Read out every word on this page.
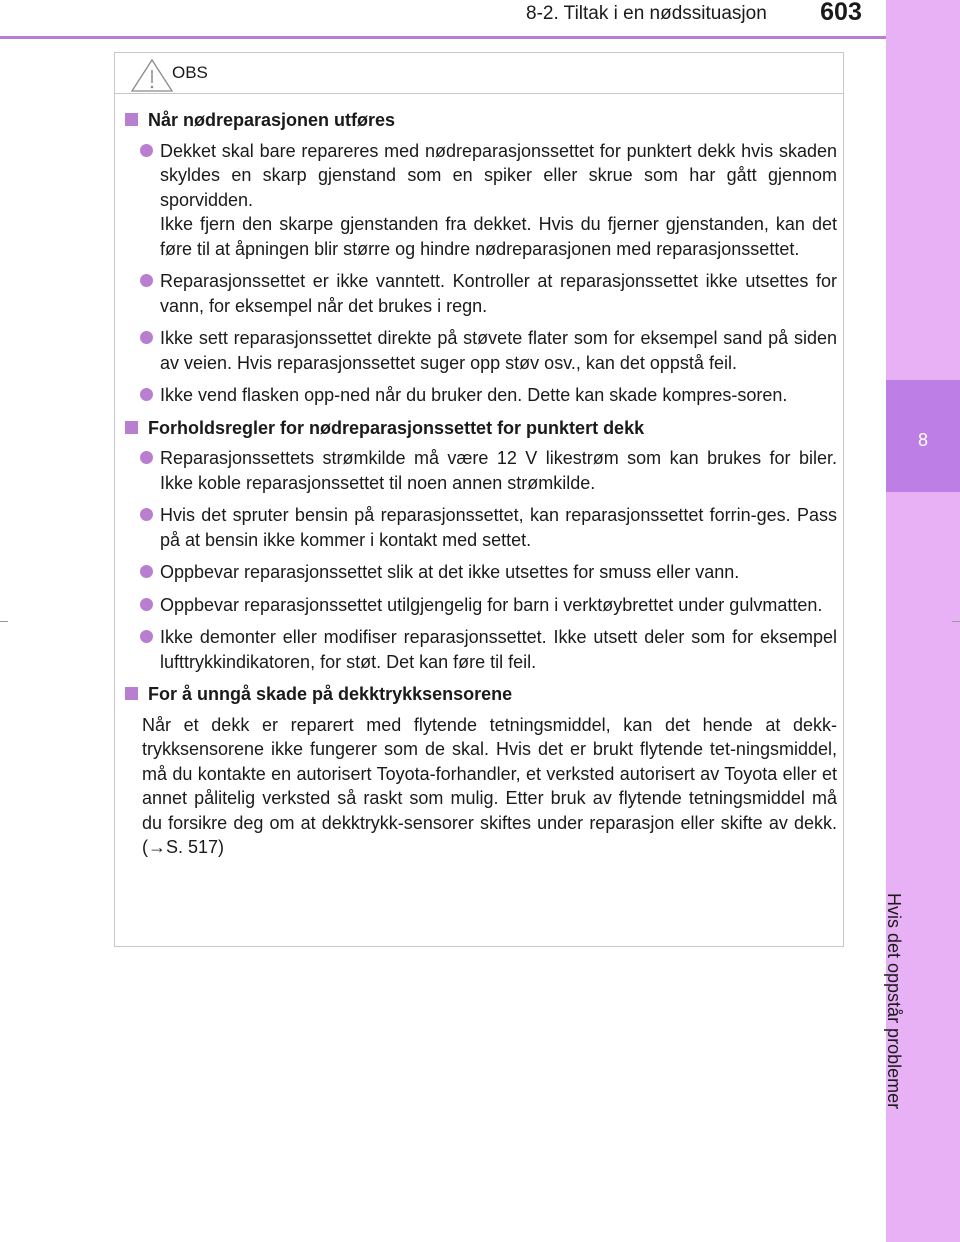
8-2. Tiltak i en nødssituasjon	603
8
Hvis det oppstår problemer
OBS
Når nødreparasjonen utføres
Dekket skal bare repareres med nødreparasjonssettet for punktert dekk hvis skaden skyldes en skarp gjenstand som en spiker eller skrue som har gått gjennom sporvidden.
Ikke fjern den skarpe gjenstanden fra dekket. Hvis du fjerner gjenstanden, kan det føre til at åpningen blir større og hindre nødreparasjonen med reparasjonssettet.
Reparasjonssettet er ikke vanntett. Kontroller at reparasjonssettet ikke utsettes for vann, for eksempel når det brukes i regn.
Ikke sett reparasjonssettet direkte på støvete flater som for eksempel sand på siden av veien. Hvis reparasjonssettet suger opp støv osv., kan det oppstå feil.
Ikke vend flasken opp-ned når du bruker den. Dette kan skade kompres-soren.
Forholdsregler for nødreparasjonssettet for punktert dekk
Reparasjonssettets strømkilde må være 12 V likestrøm som kan brukes for biler. Ikke koble reparasjonssettet til noen annen strømkilde.
Hvis det spruter bensin på reparasjonssettet, kan reparasjonssettet forrin-ges. Pass på at bensin ikke kommer i kontakt med settet.
Oppbevar reparasjonssettet slik at det ikke utsettes for smuss eller vann.
Oppbevar reparasjonssettet utilgjengelig for barn i verktøybrettet under gulvmatten.
Ikke demonter eller modifiser reparasjonssettet. Ikke utsett deler som for eksempel lufttrykkindikatoren, for støt. Det kan føre til feil.
For å unngå skade på dekktrykksensorene
Når et dekk er reparert med flytende tetningsmiddel, kan det hende at dekk-trykksensorene ikke fungerer som de skal. Hvis det er brukt flytende tet-ningsmiddel, må du kontakte en autorisert Toyota-forhandler, et verksted autorisert av Toyota eller et annet pålitelig verksted så raskt som mulig. Etter bruk av flytende tetningsmiddel må du forsikre deg om at dekktrykk-sensorer skiftes under reparasjon eller skifte av dekk. (→S. 517)
